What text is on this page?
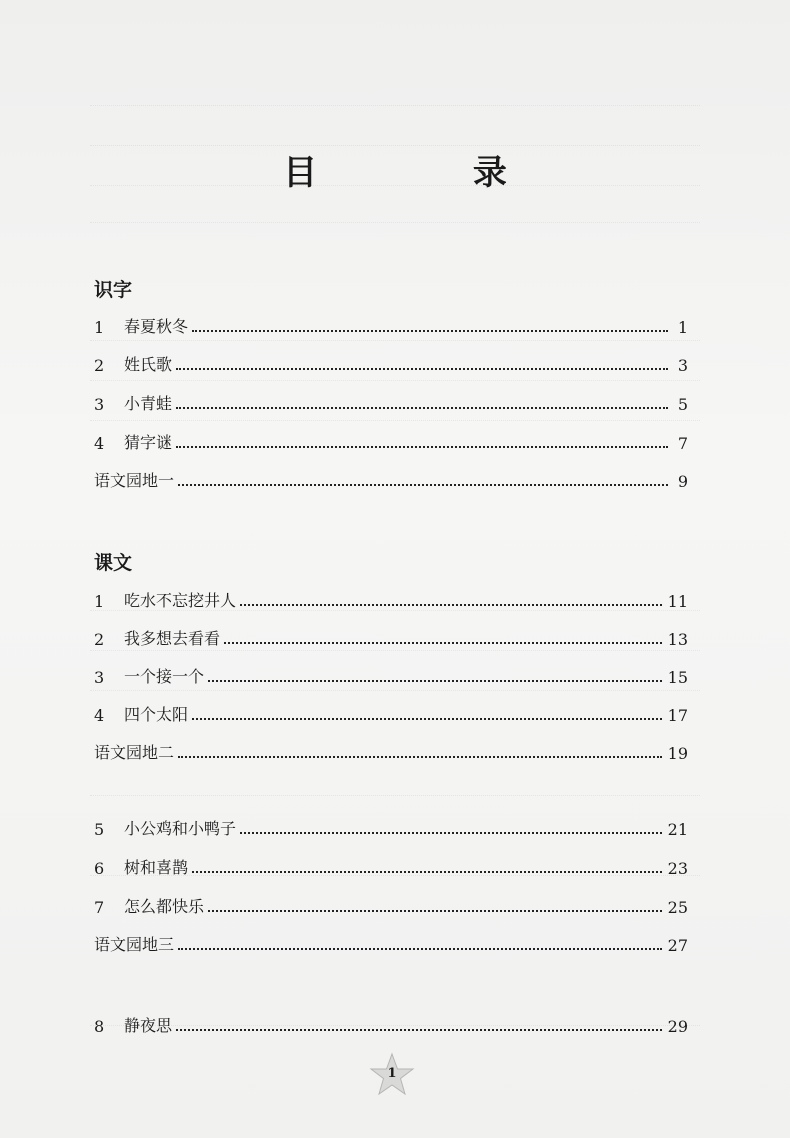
目 录
识字
1	春夏秋冬	1
2	姓氏歌	3
3	小青蛙	5
4	猜字谜	7
语文园地一	9
课文
1	吃水不忘挖井人	11
2	我多想去看看	13
3	一个接一个	15
4	四个太阳	17
语文园地二	19
5	小公鸡和小鸭子	21
6	树和喜鹊	23
7	怎么都快乐	25
语文园地三	27
8	静夜思	29
1
